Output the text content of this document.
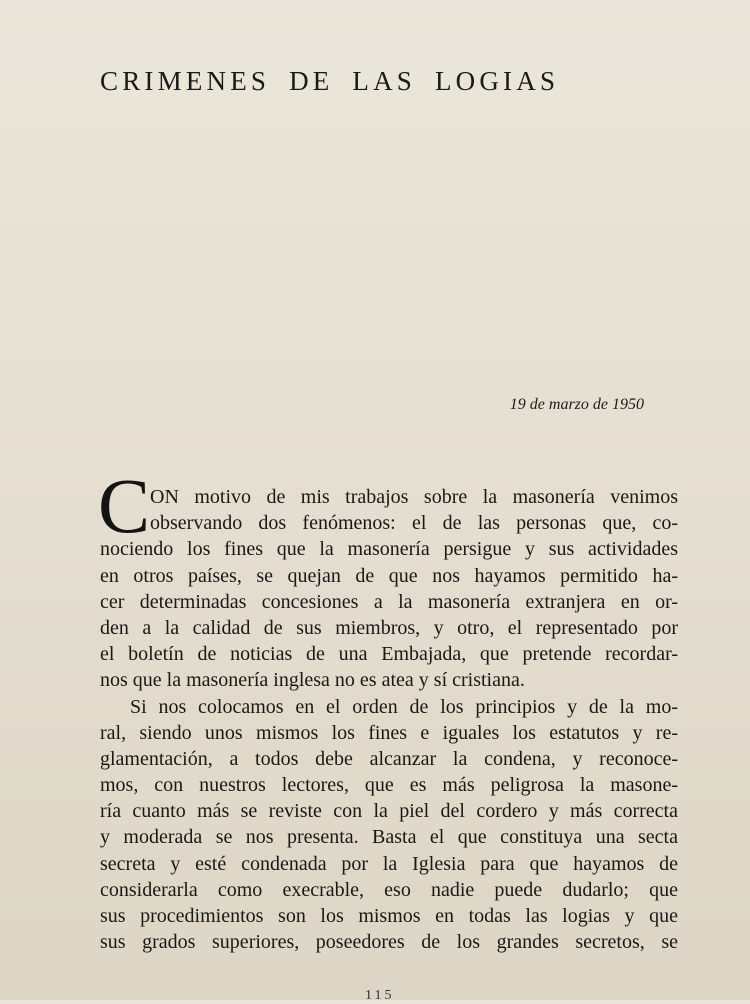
CRIMENES DE LAS LOGIAS
19 de marzo de 1950
C ON motivo de mis trabajos sobre la masonería venimos
observando dos fenómenos: el de las personas que, co-
nociendo los fines que la masonería persigue y sus actividades
en otros países, se quejan de que nos hayamos permitido ha-
cer determinadas concesiones a la masonería extranjera en or-
den a la calidad de sus miembros, y otro, el representado por
el boletín de noticias de una Embajada, que pretende recordar-
nos que la masonería inglesa no es atea y sí cristiana.
Si nos colocamos en el orden de los principios y de la mo-
ral, siendo unos mismos los fines e iguales los estatutos y re-
glamentación, a todos debe alcanzar la condena, y reconoce-
mos, con nuestros lectores, que es más peligrosa la masone-
ría cuanto más se reviste con la piel del cordero y más correcta
y moderada se nos presenta. Basta el que constituya una secta
secreta y esté condenada por la Iglesia para que hayamos de
considerarla como execrable, eso nadie puede dudarlo; que
sus procedimientos son los mismos en todas las logias y que
sus grados superiores, poseedores de los grandes secretos, se
115
